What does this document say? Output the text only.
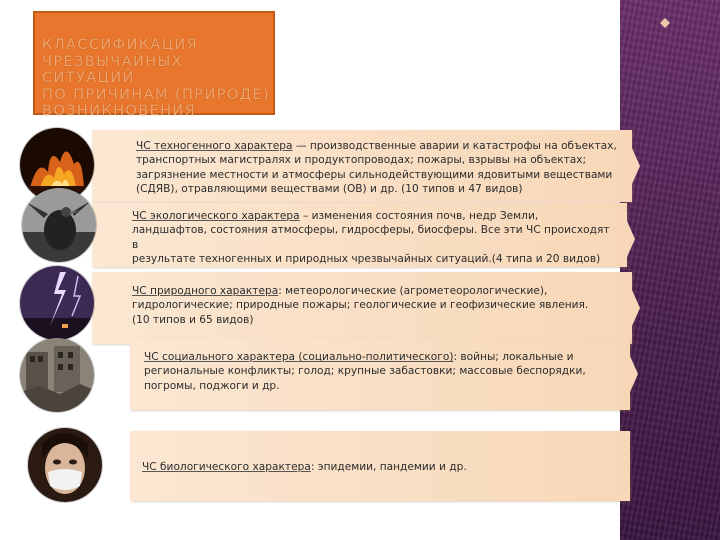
КЛАССИФИКАЦИЯ
ЧРЕЗВЫЧАЙНЫХ СИТУАЦИЙ
ПО ПРИЧИНАМ (ПРИРОДЕ)
ВОЗНИКНОВЕНИЯ
ЧС техногенного характера — производственные аварии и катастрофы на объектах,
транспортных магистралях и продуктопроводах; пожары, взрывы на объектах;
загрязнение местности и атмосферы сильнодействующими ядовитыми веществами
(СДЯВ), отравляющими веществами (ОВ) и др. (10 типов и 47 видов)
ЧС экологического характера – изменения состояния почв, недр Земли,
ландшафтов, состояния атмосферы, гидросферы, биосферы. Все эти ЧС происходят в
результате техногенных и природных чрезвычайных ситуаций.(4 типа и 20 видов)
ЧС природного характера: метеорологические (агрометеорологические),
гидрологические; природные пожары; геологические и геофизические явления.
(10 типов и 65 видов)
ЧС социального характера (социально-политического): войны; локальные и
региональные конфликты; голод; крупные забастовки; массовые беспорядки,
погромы, поджоги и др.
ЧС биологического характера: эпидемии, пандемии и др.
